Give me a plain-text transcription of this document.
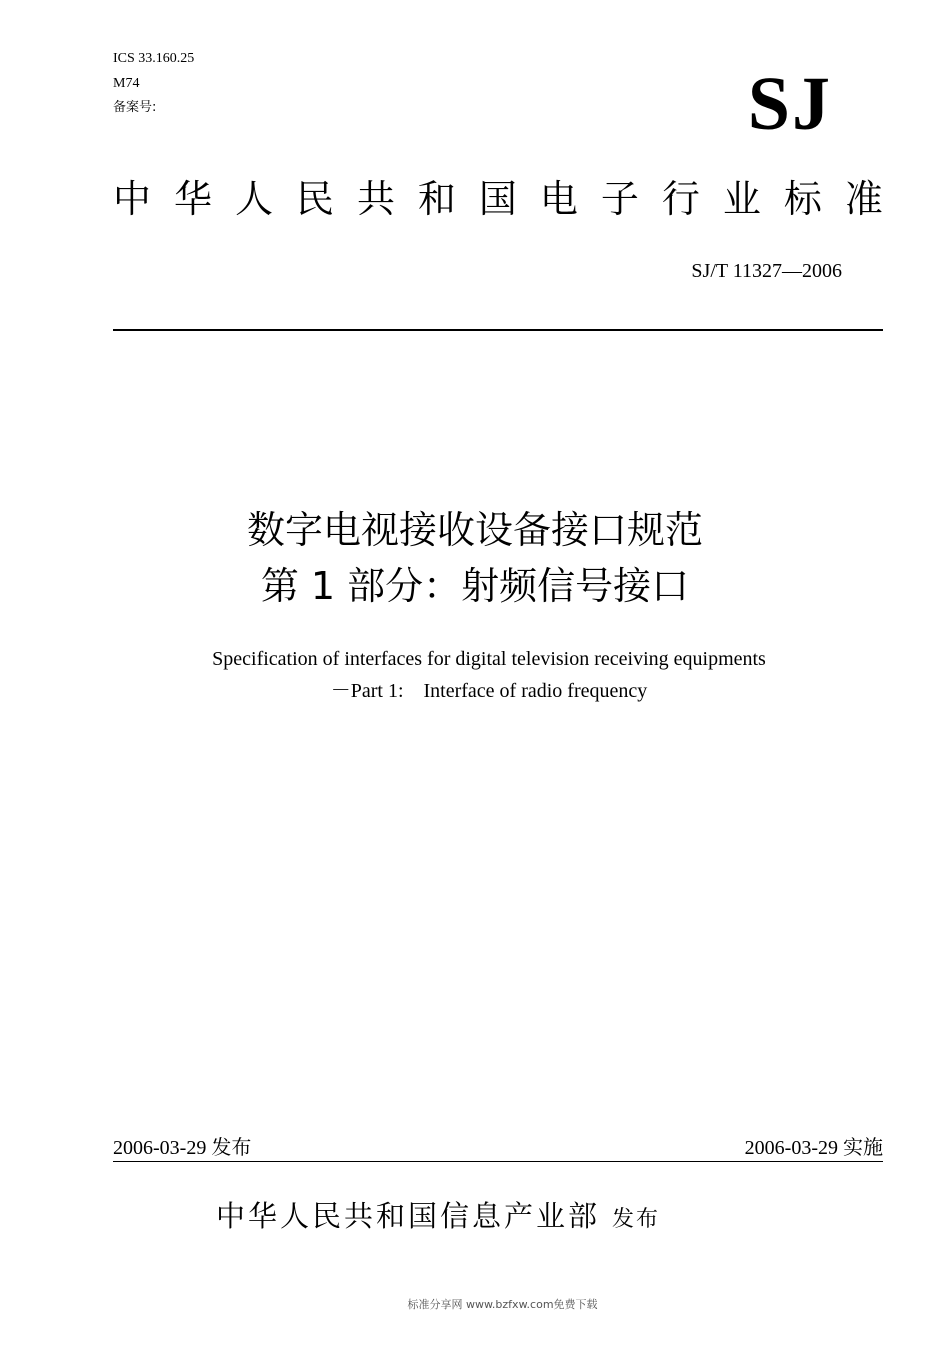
ICS 33.160.25
M74
备案号:	SJ
中 华 人 民 共 和 国 电 子 行 业 标 准
SJ/T 11327—2006
数字电视接收设备接口规范
第 1 部分：射频信号接口
Specification of interfaces for digital television receiving equipments
－Part 1:　Interface of radio frequency
2006-03-29 发布	2006-03-29 实施
中华人民共和国信息产业部 发布
标准分享网 www.bzfxw.com免费下载
